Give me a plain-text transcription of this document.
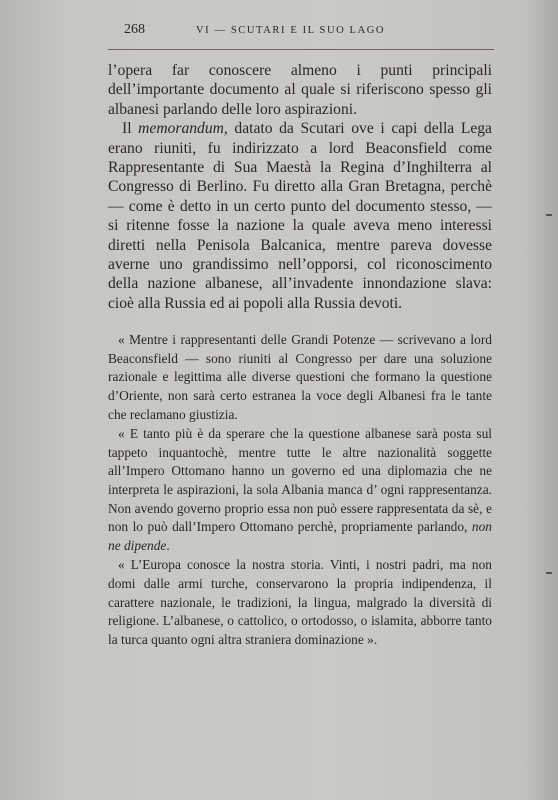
268	VI — SCUTARI E IL SUO LAGO

l’opera far conoscere almeno i punti principali dell’importante documento al quale si riferiscono spesso gli albanesi parlando delle loro aspirazioni.

Il memorandum, datato da Scutari ove i capi della Lega erano riuniti, fu indirizzato a lord Beaconsfield come Rappresentante di Sua Maestà la Regina d’Inghilterra al Congresso di Berlino. Fu diretto alla Gran Bretagna, perchè — come è detto in un certo punto del documento stesso, — si ritenne fosse la nazione la quale aveva meno interessi diretti nella Penisola Balcanica, mentre pareva dovesse averne uno grandissimo nell’opporsi, col riconoscimento della nazione albanese, all’invadente innondazione slava: cioè alla Russia ed ai popoli alla Russia devoti.

« Mentre i rappresentanti delle Grandi Potenze — scrivevano a lord Beaconsfield — sono riuniti al Congresso per dare una soluzione razionale e legittima alle diverse questioni che formano la questione d’Oriente, non sarà certo estranea la voce degli Albanesi fra le tante che reclamano giustizia.

« E tanto più è da sperare che la questione albanese sarà posta sul tappeto inquantochè, mentre tutte le altre nazionalità soggette all’Impero Ottomano hanno un governo ed una diplomazia che ne interpreta le aspirazioni, la sola Albania manca d’ ogni rappresentanza. Non avendo governo proprio essa non può essere rappresentata da sè, e non lo può dall’Impero Ottomano perchè, propriamente parlando, non ne dipende.

« L’Europa conosce la nostra storia. Vinti, i nostri padri, ma non domi dalle armi turche, conservarono la propria indipendenza, il carattere nazionale, le tradizioni, la lingua, malgrado la diversità di religione. L’albanese, o cattolico, o ortodosso, o islamita, abborre tanto la turca quanto ogni altra straniera dominazione ».
